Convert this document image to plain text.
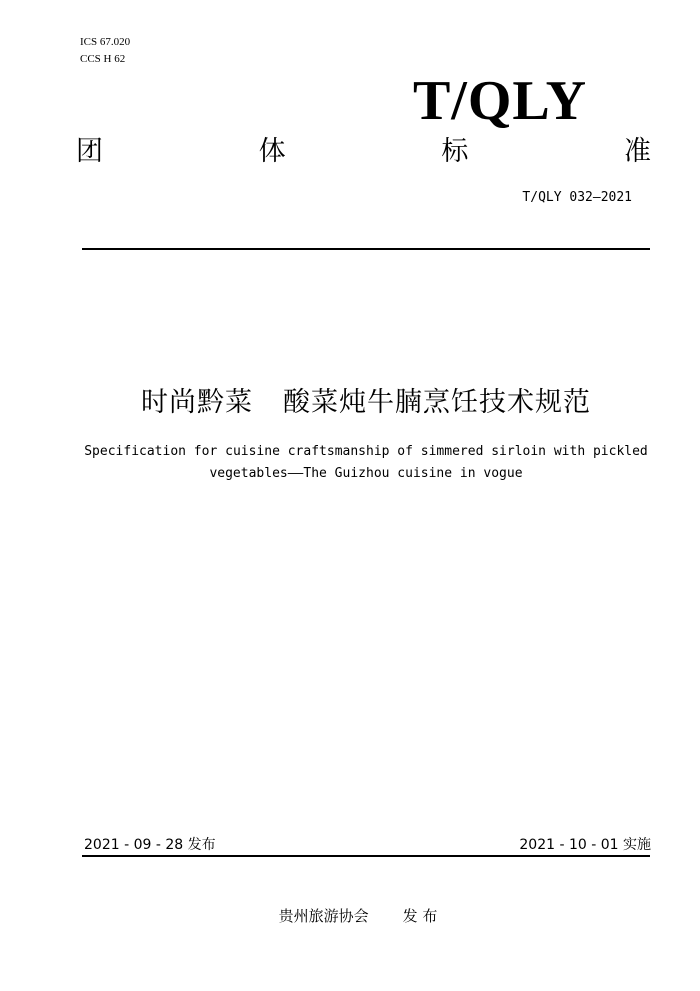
ICS 67.020
CCS H 62
T/QLY
团	体	标	准
T/QLY 032—2021
时尚黔菜 酸菜炖牛腩烹饪技术规范
Specification for cuisine craftsmanship of simmered sirloin with pickled
vegetables——The Guizhou cuisine in vogue
2021 - 09 - 28 发布	2021 - 10 - 01 实施
贵州旅游协会 发 布
